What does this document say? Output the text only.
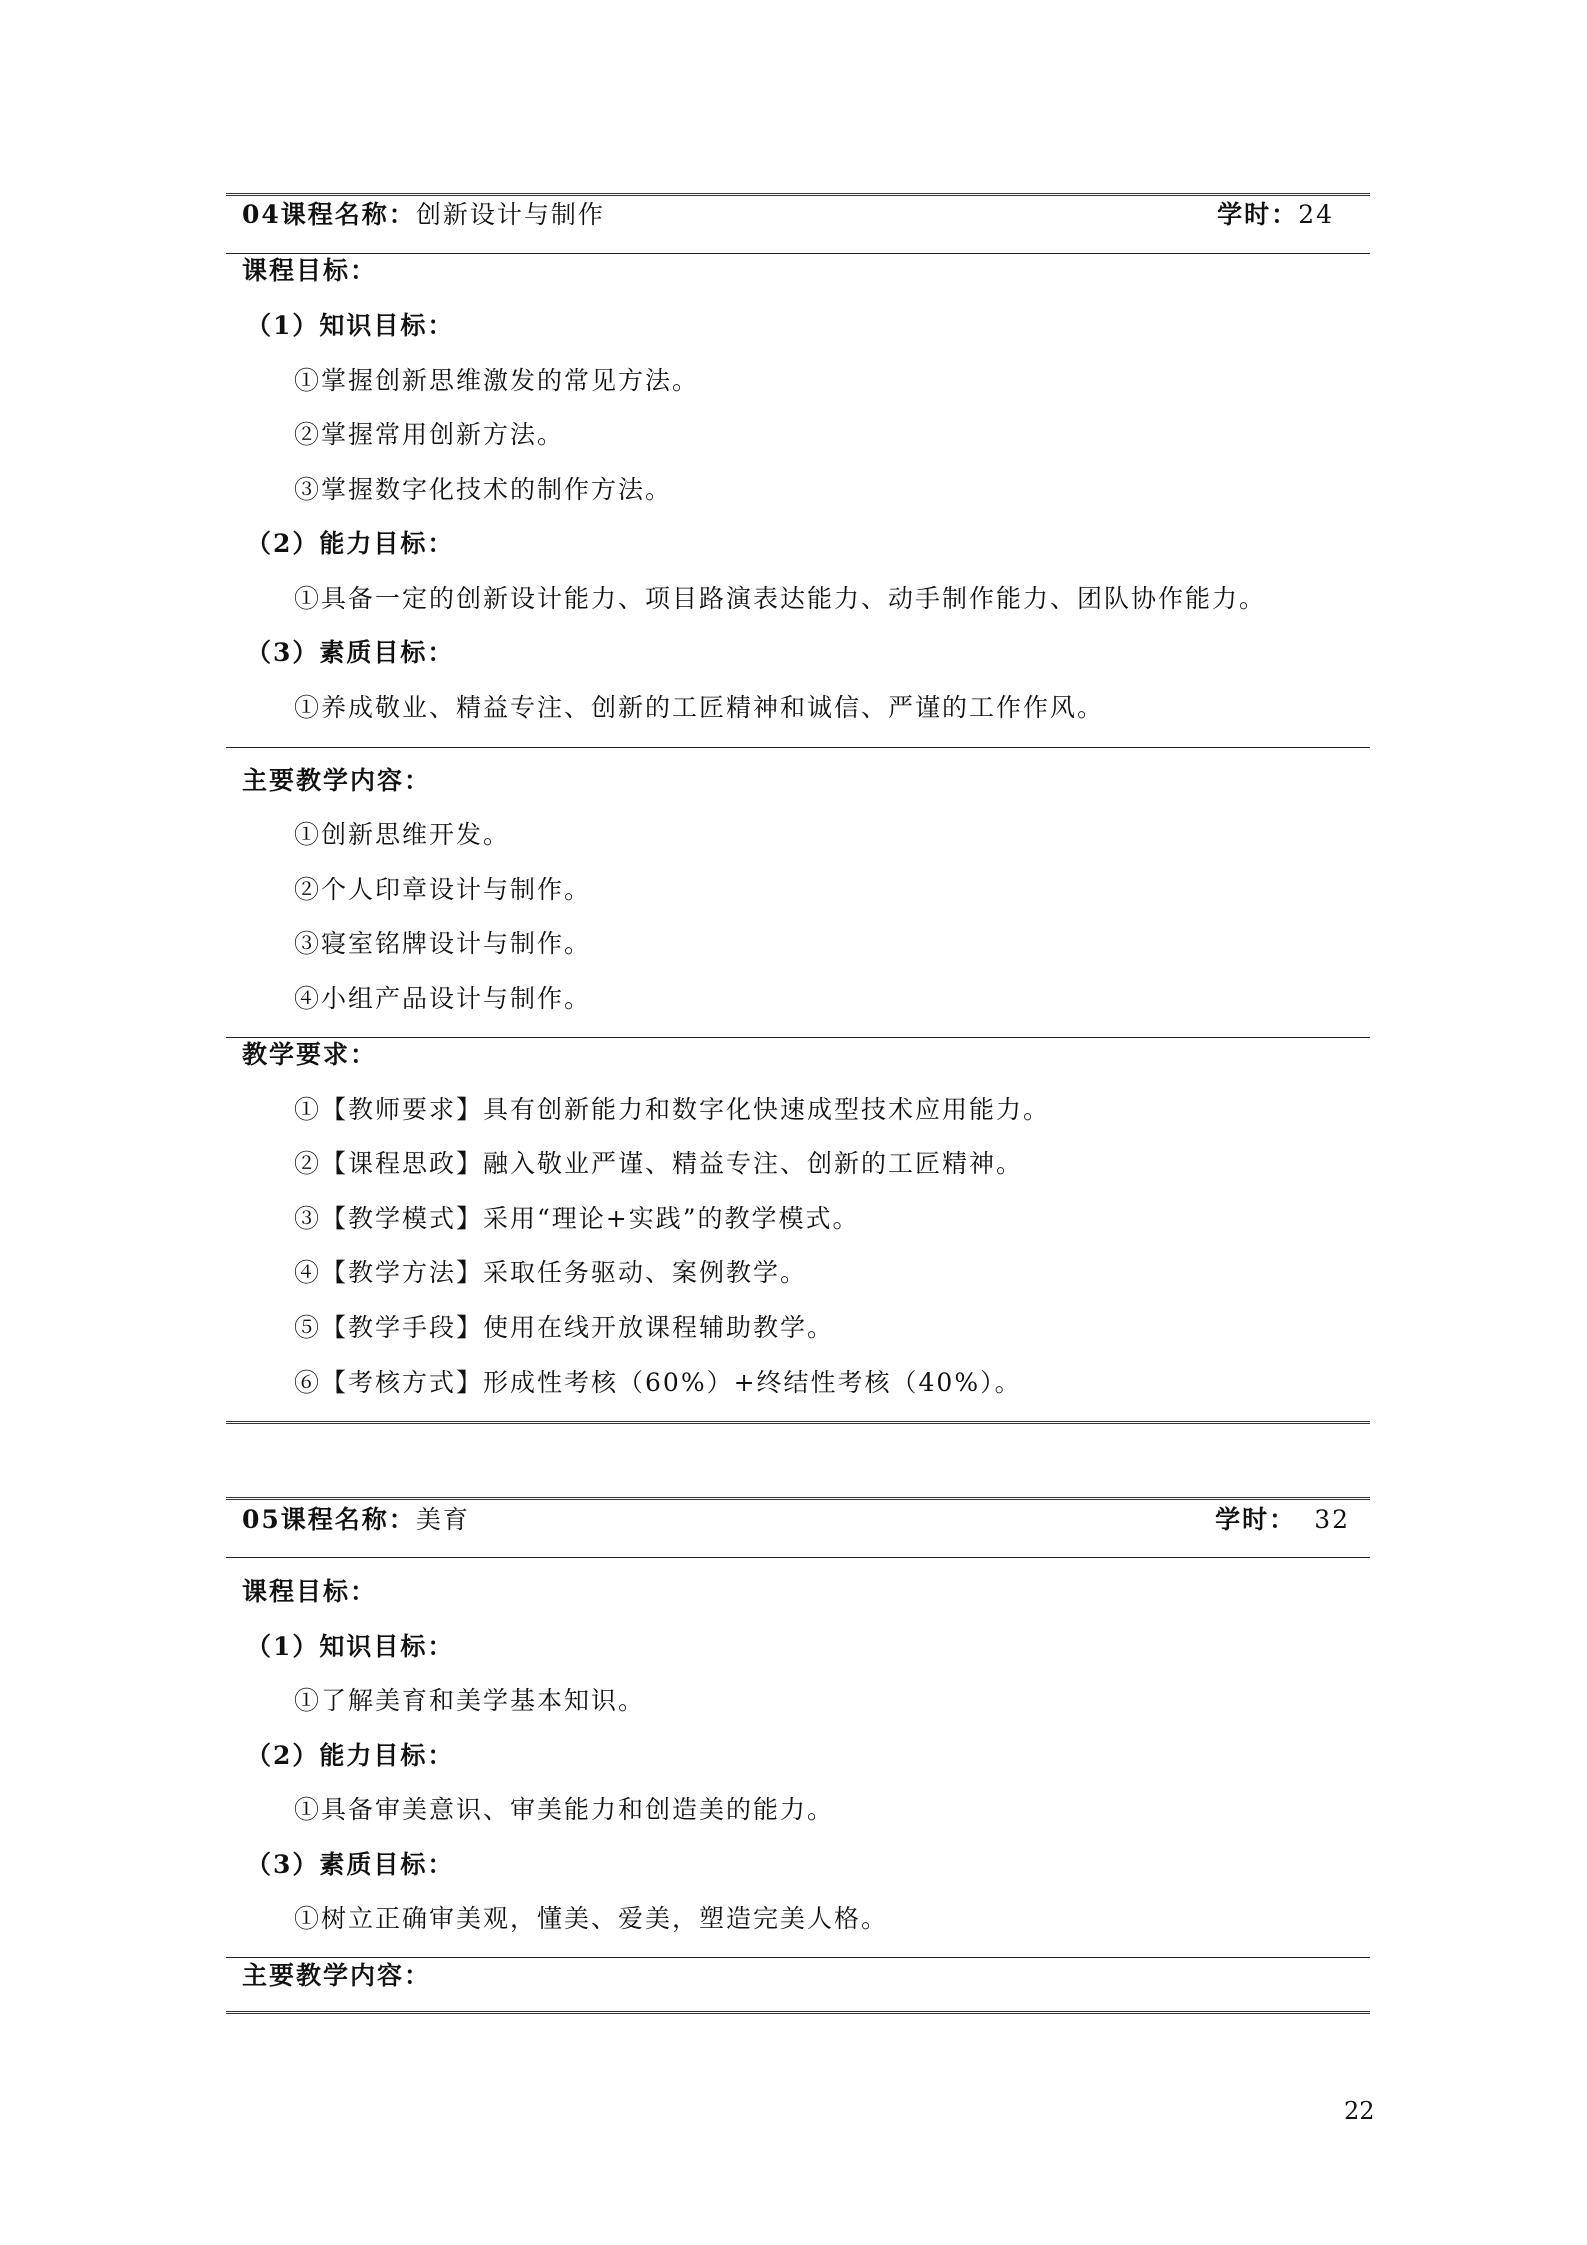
04课程名称：创新设计与制作	学时：24
课程目标：
（1）知识目标：
①掌握创新思维激发的常见方法。
②掌握常用创新方法。
③掌握数字化技术的制作方法。
（2）能力目标：
①具备一定的创新设计能力、项目路演表达能力、动手制作能力、团队协作能力。
（3）素质目标：
①养成敬业、精益专注、创新的工匠精神和诚信、严谨的工作作风。
主要教学内容：
①创新思维开发。
②个人印章设计与制作。
③寝室铭牌设计与制作。
④小组产品设计与制作。
教学要求：
①【教师要求】具有创新能力和数字化快速成型技术应用能力。
②【课程思政】融入敬业严谨、精益专注、创新的工匠精神。
③【教学模式】采用“理论+实践”的教学模式。
④【教学方法】采取任务驱动、案例教学。
⑤【教学手段】使用在线开放课程辅助教学。
⑥【考核方式】形成性考核（60%）+终结性考核（40%）。
05课程名称：美育	学时： 32
课程目标：
（1）知识目标：
①了解美育和美学基本知识。
（2）能力目标：
①具备审美意识、审美能力和创造美的能力。
（3）素质目标：
①树立正确审美观，懂美、爱美，塑造完美人格。
主要教学内容：
22
